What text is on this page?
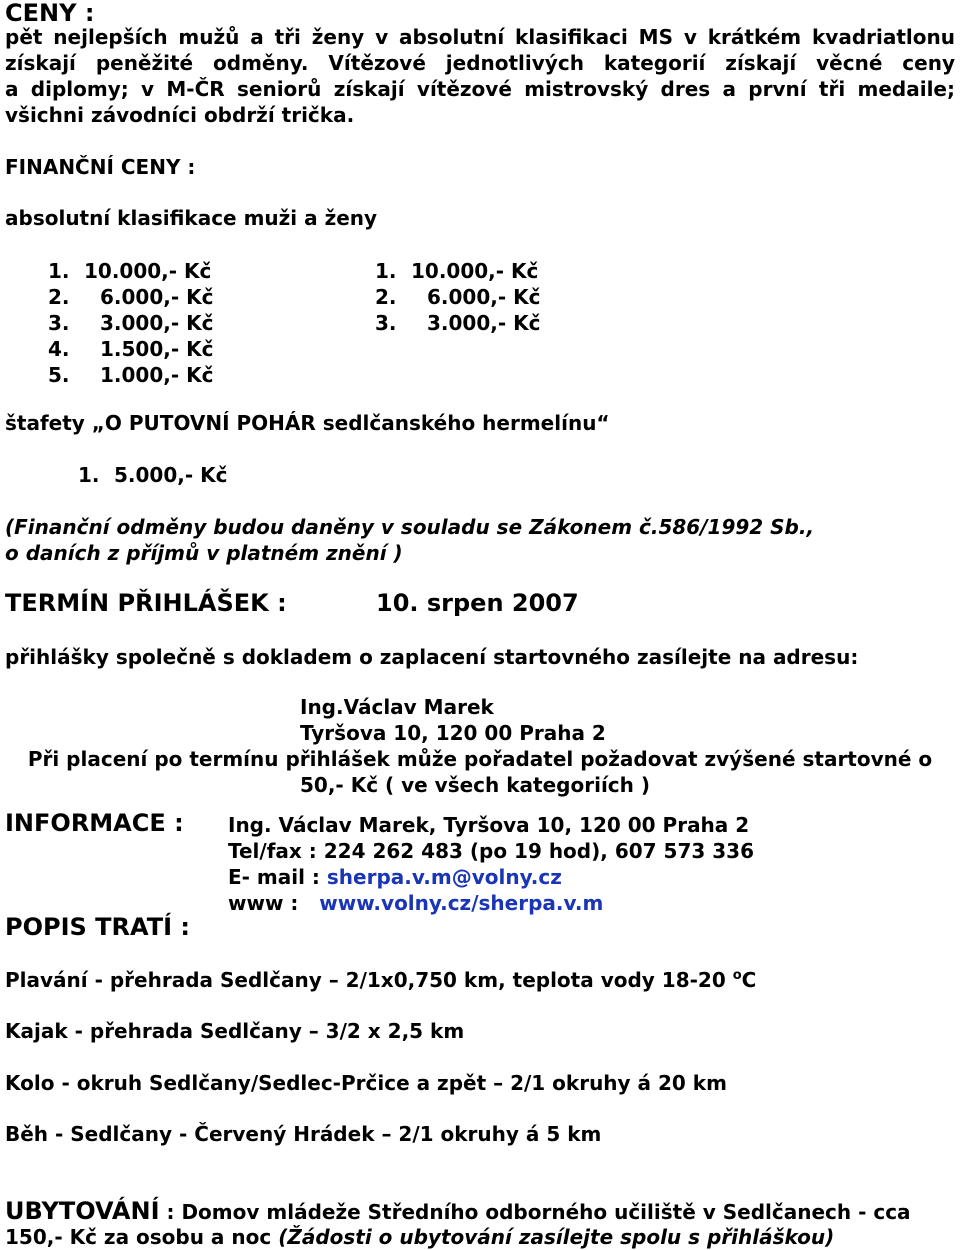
CENY :
pět nejlepších mužů a tři ženy v absolutní klasifikaci MS v krátkém kvadriatlonu
získají peněžité odměny. Vítězové jednotlivých kategorií získají věcné ceny
a diplomy; v M-ČR seniorů získají vítězové mistrovský dres a první tři medaile;
všichni závodníci obdrží trička.
FINANČNÍ CENY :
absolutní klasifikace muži a ženy
1. 10.000,- Kč
2. 6.000,- Kč
3. 3.000,- Kč
4. 1.500,- Kč
5. 1.000,- Kč
1. 10.000,- Kč
2. 6.000,- Kč
3. 3.000,- Kč
štafety „O PUTOVNÍ POHÁR sedlčanského hermelínu“
1. 5.000,- Kč
(Finanční odměny budou daněny v souladu se Zákonem č.586/1992 Sb.,
o daních z příjmů v platném znění )
TERMÍN PŘIHLÁŠEK :	10. srpen 2007
přihlášky společně s dokladem o zaplacení startovného zasílejte na adresu:
Ing.Václav Marek
Tyršova 10, 120 00 Praha 2
Při placení po termínu přihlášek může pořadatel požadovat zvýšené startovné o
50,- Kč ( ve všech kategoriích )
INFORMACE : Ing. Václav Marek, Tyršova 10, 120 00 Praha 2
Tel/fax : 224 262 483 (po 19 hod), 607 573 336
E- mail : sherpa.v.m@volny.cz
www : www.volny.cz/sherpa.v.m
POPIS TRATÍ :
Plavání - přehrada Sedlčany – 2/1x0,750 km, teplota vody 18-20 $^o$C
Kajak - přehrada Sedlčany – 3/2 x 2,5 km
Kolo - okruh Sedlčany/Sedlec-Prčice a zpět – 2/1 okruhy á 20 km
Běh - Sedlčany - Červený Hrádek – 2/1 okruhy á 5 km
UBYTOVÁNÍ : Domov mládeže Středního odborného učiliště v Sedlčanech - cca
150,- Kč za osobu a noc (Žádosti o ubytování zasílejte spolu s přihláškou)
